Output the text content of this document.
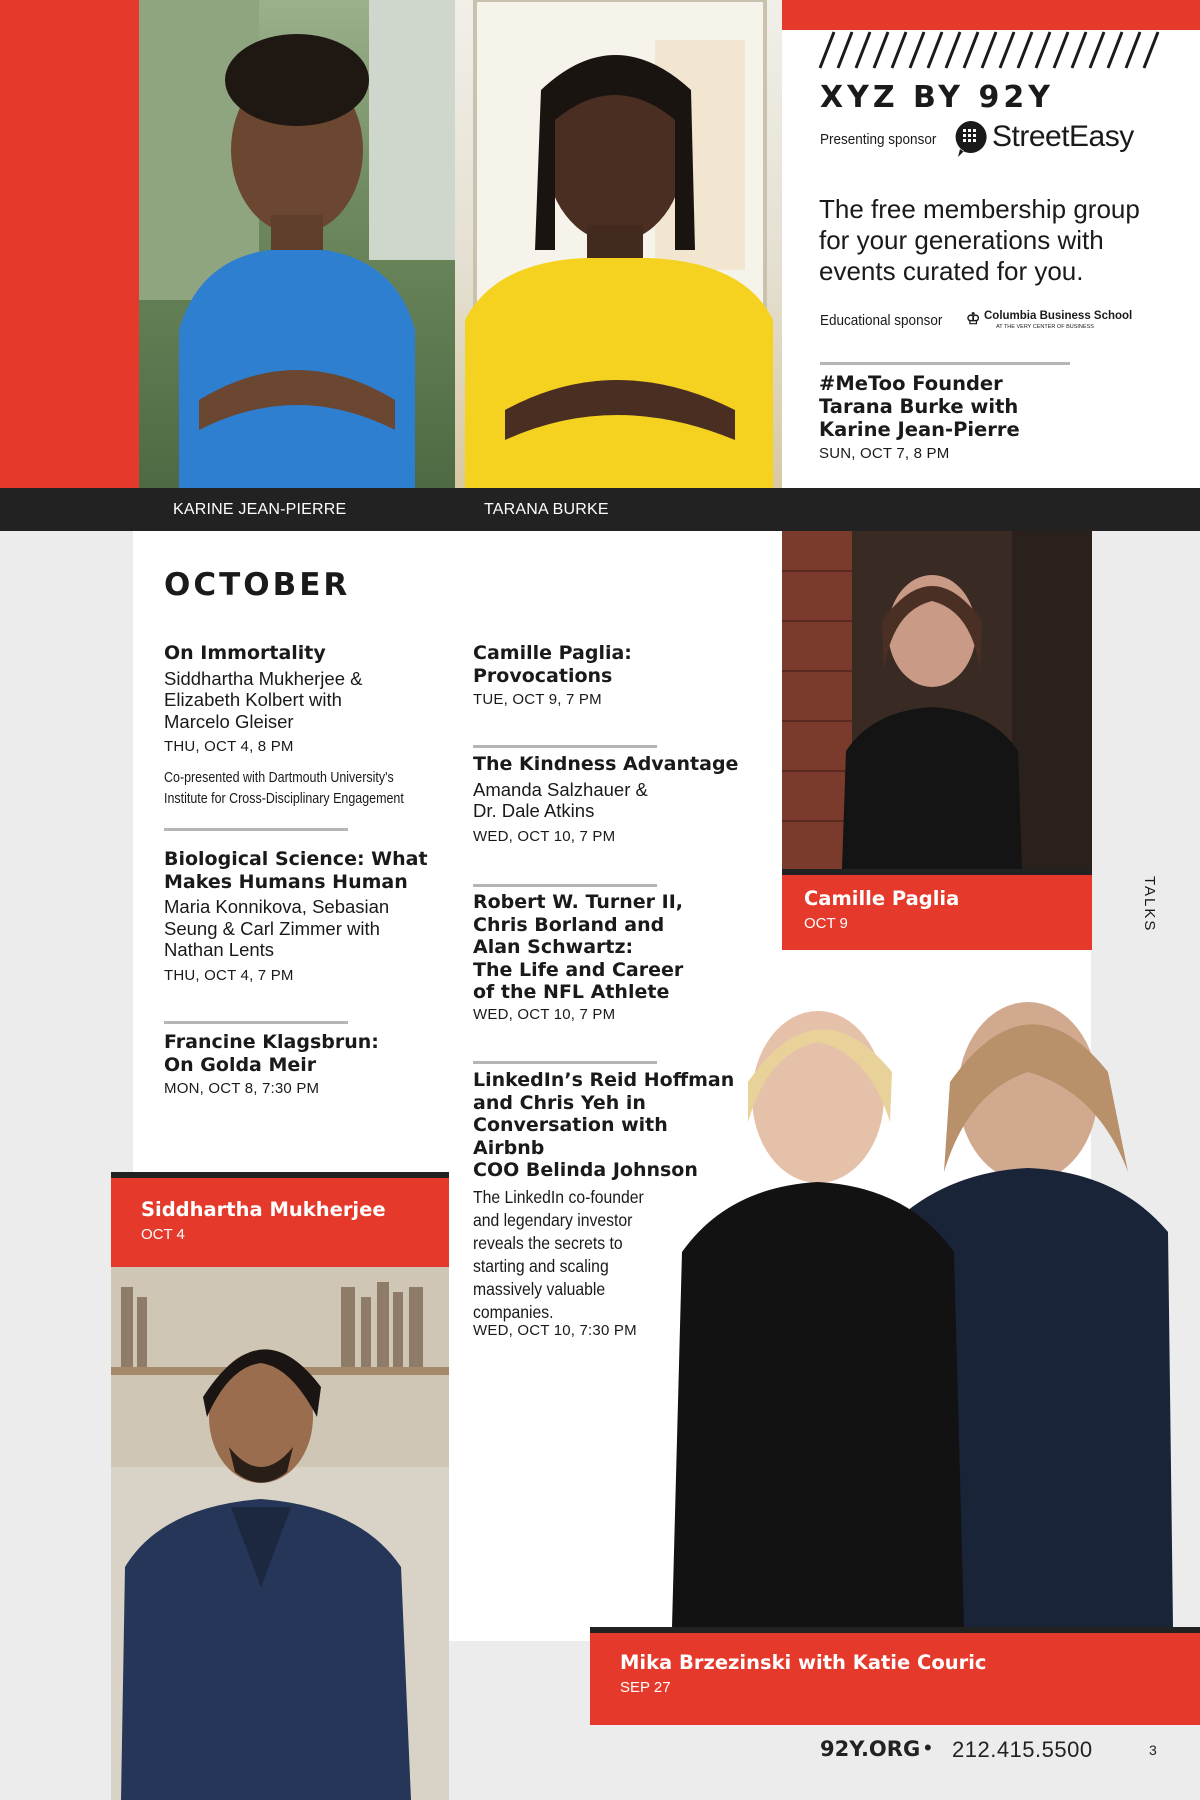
XYZ BY 92Y
Presenting sponsor StreetEasy
The free membership group
for your generations with
events curated for you.
Educational sponsor ♔ Columbia Business School
AT THE VERY CENTER OF BUSINESS
#MeToo Founder
Tarana Burke with
Karine Jean-Pierre
SUN, OCT 7, 8 PM
KARINE JEAN-PIERRE	TARANA BURKE
OCTOBER
On Immortality
Siddhartha Mukherjee &
Elizabeth Kolbert with
Marcelo Gleiser
THU, OCT 4, 8 PM
Co-presented with Dartmouth University's
Institute for Cross-Disciplinary Engagement
Biological Science: What
Makes Humans Human
Maria Konnikova, Sebasian
Seung & Carl Zimmer with
Nathan Lents
THU, OCT 4, 7 PM
Francine Klagsbrun:
On Golda Meir
MON, OCT 8, 7:30 PM
Camille Paglia:
Provocations
TUE, OCT 9, 7 PM
The Kindness Advantage
Amanda Salzhauer &
Dr. Dale Atkins
WED, OCT 10, 7 PM
Robert W. Turner II,
Chris Borland and
Alan Schwartz:
The Life and Career
of the NFL Athlete
WED, OCT 10, 7 PM
LinkedIn’s Reid Hoffman
and Chris Yeh in
Conversation with Airbnb
COO Belinda Johnson
The LinkedIn co-founder
and legendary investor
reveals the secrets to
starting and scaling
massively valuable
companies.
WED, OCT 10, 7:30 PM
Camille Paglia
OCT 9	TALKS
Siddhartha Mukherjee
OCT 4
Mika Brzezinski with Katie Couric
SEP 27
92Y.ORG • 212.415.5500	3
